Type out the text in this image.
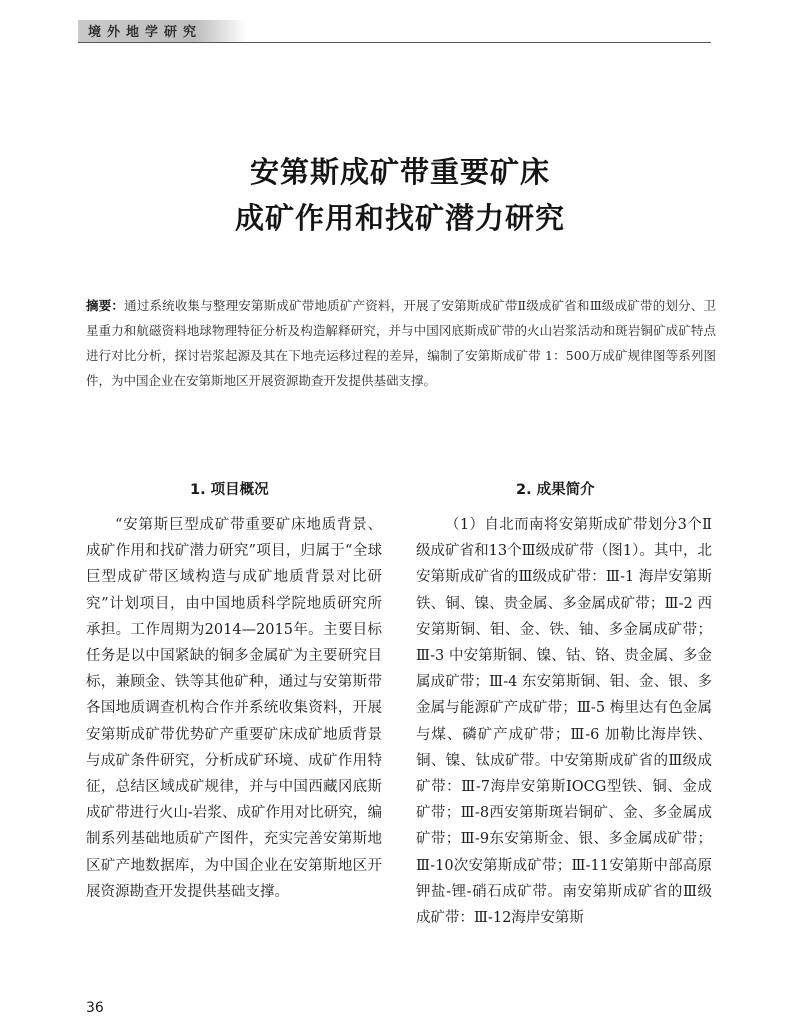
境外地学研究
安第斯成矿带重要矿床
成矿作用和找矿潜力研究
摘要：通过系统收集与整理安第斯成矿带地质矿产资料，开展了安第斯成矿带Ⅱ级成矿省和Ⅲ级成矿带的划分、卫星重力和航磁资料地球物理特征分析及构造解释研究，并与中国冈底斯成矿带的火山岩浆活动和斑岩铜矿成矿特点进行对比分析，探讨岩浆起源及其在下地壳运移过程的差异，编制了安第斯成矿带 1：500万成矿规律图等系列图件，为中国企业在安第斯地区开展资源勘查开发提供基础支撑。
1. 项目概况	2. 成果简介

“安第斯巨型成矿带重要矿床地质背景、成矿作用和找矿潜力研究”项目，归属于“全球巨型成矿带区域构造与成矿地质背景对比研究”计划项目，由中国地质科学院地质研究所承担。工作周期为2014—2015年。主要目标任务是以中国紧缺的铜多金属矿为主要研究目标，兼顾金、铁等其他矿种，通过与安第斯带各国地质调查机构合作并系统收集资料，开展安第斯成矿带优势矿产重要矿床成矿地质背景与成矿条件研究，分析成矿环境、成矿作用特征，总结区域成矿规律，并与中国西藏冈底斯成矿带进行火山-岩浆、成矿作用对比研究，编制系列基础地质矿产图件，充实完善安第斯地区矿产地数据库，为中国企业在安第斯地区开展资源勘查开发提供基础支撑。

（1）自北而南将安第斯成矿带划分3个Ⅱ级成矿省和13个Ⅲ级成矿带（图1）。其中，北安第斯成矿省的Ⅲ级成矿带：Ⅲ-1 海岸安第斯铁、铜、镍、贵金属、多金属成矿带；Ⅲ-2 西安第斯铜、钼、金、铁、铀、多金属成矿带；Ⅲ-3 中安第斯铜、镍、钴、铬、贵金属、多金属成矿带；Ⅲ-4 东安第斯铜、钼、金、银、多金属与能源矿产成矿带；Ⅲ-5 梅里达有色金属与煤、磷矿产成矿带；Ⅲ-6 加勒比海岸铁、铜、镍、钛成矿带。中安第斯成矿省的Ⅲ级成矿带：Ⅲ-7海岸安第斯IOCG型铁、铜、金成矿带；Ⅲ-8西安第斯斑岩铜矿、金、多金属成矿带；Ⅲ-9东安第斯金、银、多金属成矿带；Ⅲ-10次安第斯成矿带；Ⅲ-11安第斯中部高原钾盐-锂-硝石成矿带。南安第斯成矿省的Ⅲ级成矿带：Ⅲ-12海岸安第斯

36
